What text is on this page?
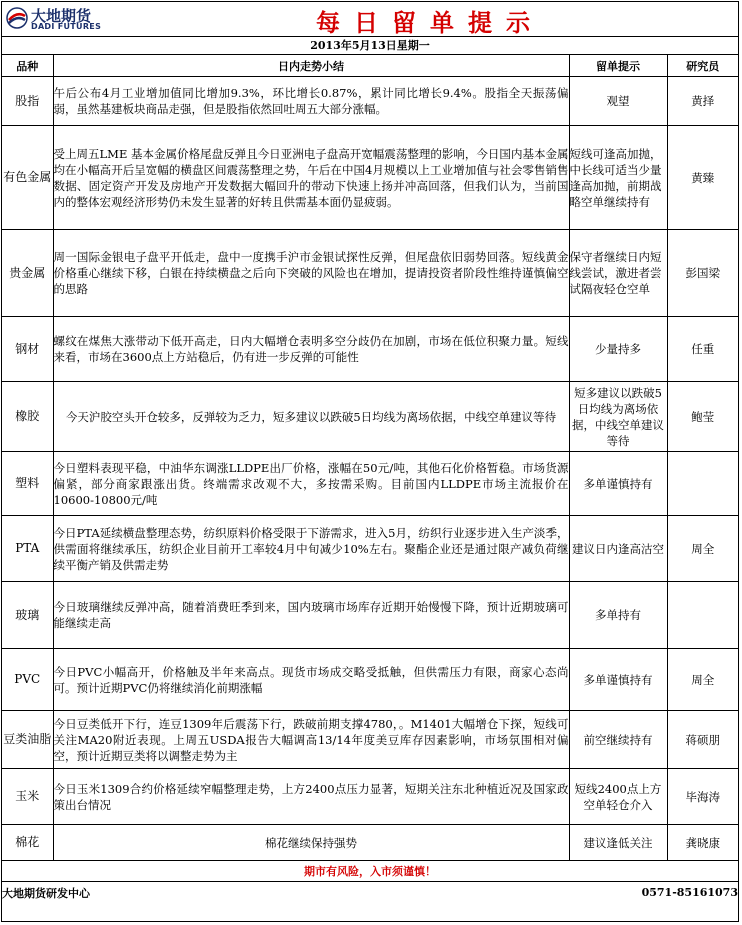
大地期货
DADI FUTURES	每日留单提示
2013年5月13日星期一
品种	日内走势小结	留单提示	研究员
股指	午后公布4月工业增加值同比增加9.3%，环比增长0.87%，累计同比增长9.4%。股指全天振荡偏弱，虽然基建板块商品走强，但是股指依然回吐周五大部分涨幅。	观望	黄择
有色金属	受上周五LME 基本金属价格尾盘反弹且今日亚洲电子盘高开宽幅震荡整理的影响，今日国内基本金属均在小幅高开后呈宽幅的横盘区间震荡整理之势，午后在中国4月规模以上工业增加值与社会零售销售数据、固定资产开发及房地产开发数据大幅回升的带动下快速上扬并冲高回落，但我们认为，当前国内的整体宏观经济形势仍未发生显著的好转且供需基本面仍显疲弱。	短线可逢高加抛，中长线可适当少量逢高加抛，前期战略空单继续持有	黄臻
贵金属	周一国际金银电子盘平开低走，盘中一度携手沪市金银试探性反弹，但尾盘依旧弱势回落。短线黄金价格重心继续下移，白银在持续横盘之后向下突破的风险也在增加，提请投资者阶段性维持谨慎偏空的思路	保守者继续日内短线尝试，激进者尝试隔夜轻仓空单	彭国梁
钢材	螺纹在煤焦大涨带动下低开高走，日内大幅增仓表明多空分歧仍在加剧，市场在低位积聚力量。短线来看，市场在3600点上方站稳后，仍有进一步反弹的可能性	少量持多	任重
橡胶	今天沪胶空头开仓较多，反弹较为乏力，短多建议以跌破5日均线为离场依据，中线空单建议等待	短多建议以跌破5日均线为离场依据，中线空单建议等待	鲍莹
塑料	今日塑料表现平稳，中油华东调涨LLDPE出厂价格，涨幅在50元/吨，其他石化价格暂稳。市场货源偏紧，部分商家跟涨出货。终端需求改观不大，多按需采购。目前国内LLDPE市场主流报价在10600-10800元/吨	多单谨慎持有	
PTA	今日PTA延续横盘整理态势，纺织原料价格受限于下游需求，进入5月，纺织行业逐步进入生产淡季，供需面将继续承压，纺织企业目前开工率较4月中旬减少10%左右。聚酯企业还是通过限产减负荷继续平衡产销及供需走势	建议日内逢高沽空	周全
玻璃	今日玻璃继续反弹冲高，随着消费旺季到来，国内玻璃市场库存近期开始慢慢下降，预计近期玻璃可能继续走高	多单持有	
PVC	今日PVC小幅高开，价格触及半年来高点。现货市场成交略受抵触，但供需压力有限，商家心态尚可。预计近期PVC仍将继续消化前期涨幅	多单谨慎持有	周全
豆类油脂	今日豆类低开下行，连豆1309年后震荡下行，跌破前期支撑4780，。M1401大幅增仓下探，短线可关注MA20附近表现。上周五USDA报告大幅调高13/14年度美豆库存因素影响，市场氛围相对偏空，预计近期豆类将以调整走势为主	前空继续持有	蒋硕朋
玉米	今日玉米1309合约价格延续窄幅整理走势，上方2400点压力显著，短期关注东北种植近况及国家政策出台情况	短线2400点上方空单轻仓介入	毕海涛
棉花	棉花继续保持强势	建议逢低关注	龚晓康
期市有风险，入市须谨慎！			
大地期货研发中心		0571-85161073	
